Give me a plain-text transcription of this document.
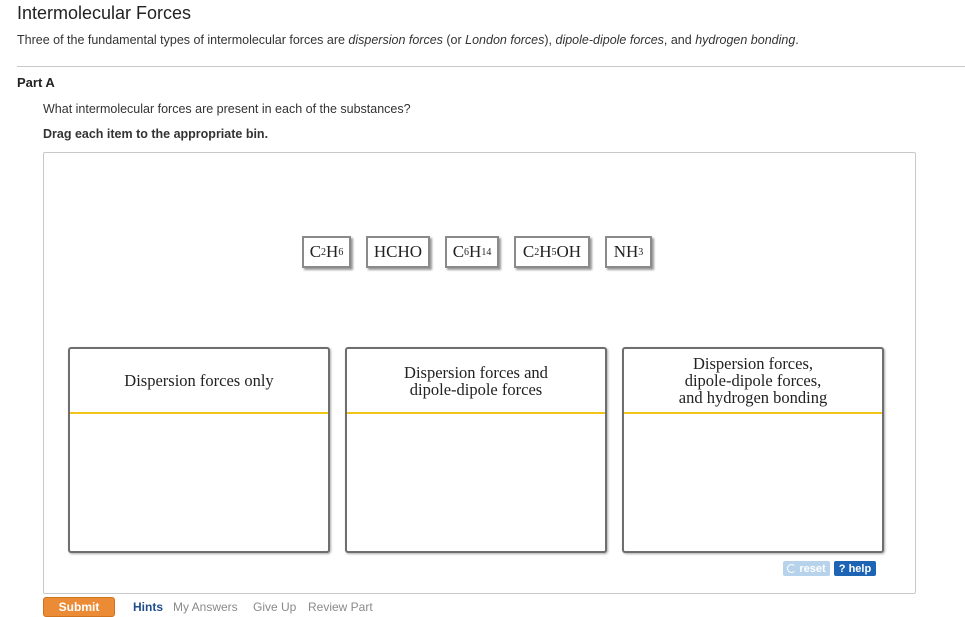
Intermolecular Forces
Three of the fundamental types of intermolecular forces are dispersion forces (or London forces), dipole-dipole forces, and hydrogen bonding.
Part A
What intermolecular forces are present in each of the substances?
Drag each item to the appropriate bin.
C 2 H 6 HCHO C 6 H 14 C 2 H 5 OH NH 3
Dispersion forces only	Dispersion forces and
dipole-dipole forces
Dispersion forces,
dipole-dipole forces,
and hydrogen bonding
reset	? help
Submit	Hints My Answers Give Up Review Part
